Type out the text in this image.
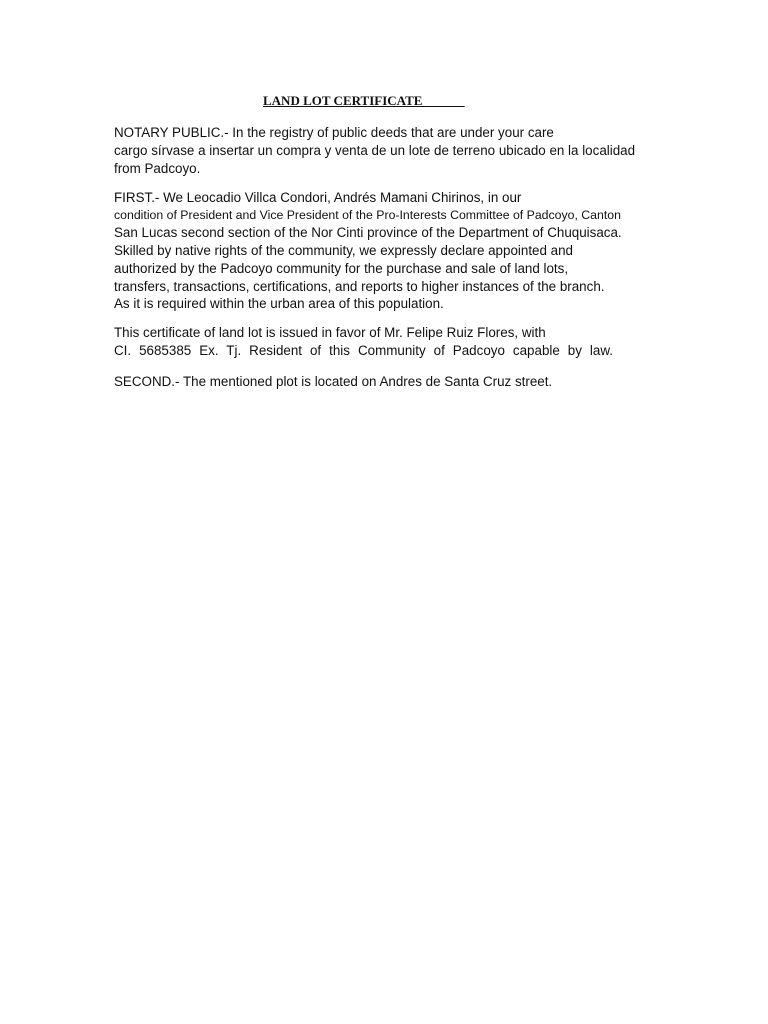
LAND LOT CERTIFICATE
NOTARY PUBLIC.- In the registry of public deeds that are under your care
cargo sírvase a insertar un compra y venta de un lote de terreno ubicado en la localidad
from Padcoyo.
FIRST.- We Leocadio Villca Condori, Andrés Mamani Chirinos, in our
condition of President and Vice President of the Pro-Interests Committee of Padcoyo, Canton
San Lucas second section of the Nor Cinti province of the Department of Chuquisaca.
Skilled by native rights of the community, we expressly declare appointed and
authorized by the Padcoyo community for the purchase and sale of land lots,
transfers, transactions, certifications, and reports to higher instances of the branch.
As it is required within the urban area of this population.
This certificate of land lot is issued in favor of Mr. Felipe Ruiz Flores, with
CI. 5685385 Ex. Tj. Resident of this Community of Padcoyo capable by law.
SECOND.- The mentioned plot is located on Andres de Santa Cruz street.
